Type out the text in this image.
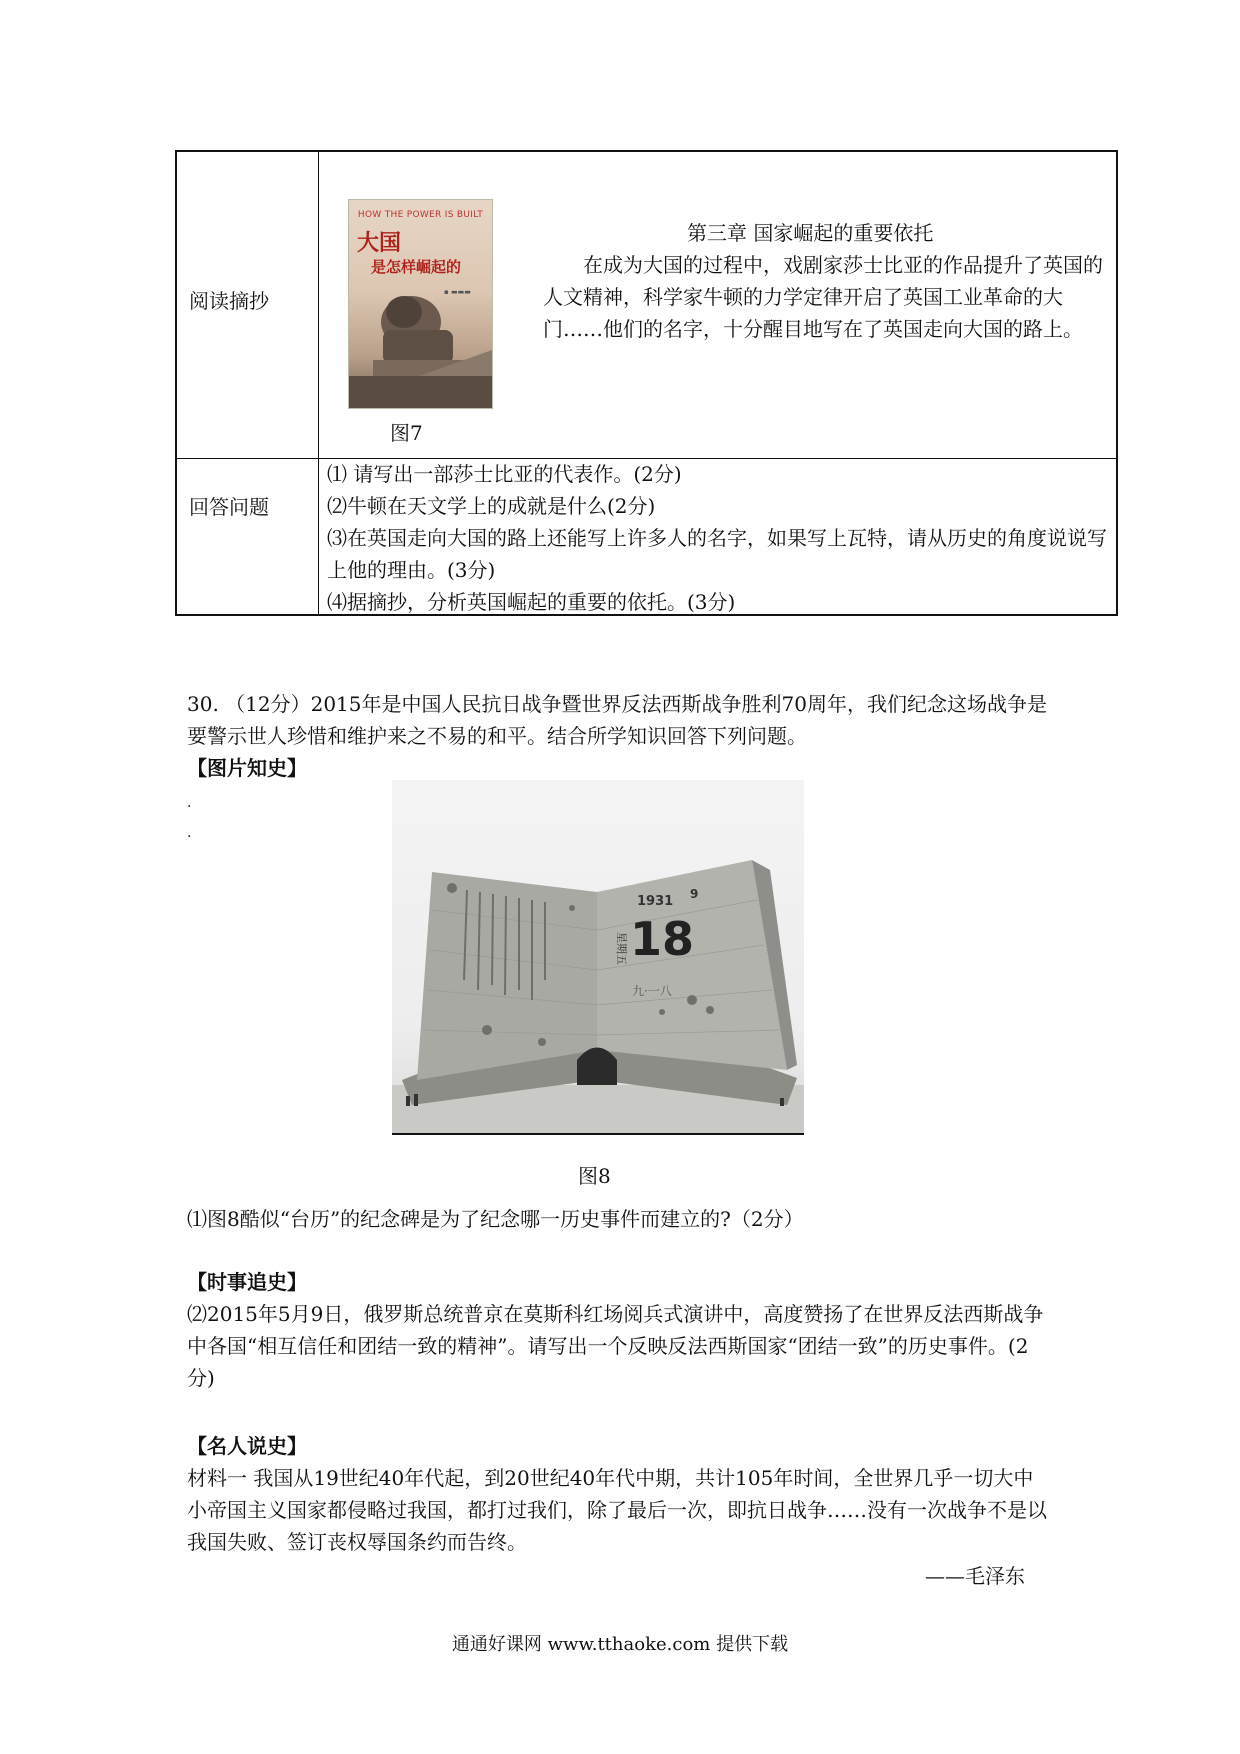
阅读摘抄
回答问题
HOW THE POWER IS BUILT
大国
是怎样崛起的
▪ ▬▬▬
图7
第三章 国家崛起的重要依托
在成为大国的过程中，戏剧家莎士比亚的作品提升了英国的人文精神，科学家牛顿的力学定律开启了英国工业革命的大门……他们的名字，十分醒目地写在了英国走向大国的路上。
⑴ 请写出一部莎士比亚的代表作。(2分)
⑵牛顿在天文学上的成就是什么(2分)
⑶在英国走向大国的路上还能写上许多人的名字，如果写上瓦特，请从历史的角度说说写上他的理由。(3分)
⑷据摘抄，分析英国崛起的重要的依托。(3分)
30. （12分）2015年是中国人民抗日战争暨世界反法西斯战争胜利70周年，我们纪念这场战争是要警示世人珍惜和维护来之不易的和平。结合所学知识回答下列问题。
【图片知史】
.
.
1931 9
18
星期五
九·一八
图8
⑴图8酷似“台历”的纪念碑是为了纪念哪一历史事件而建立的?（2分）
【时事追史】
⑵2015年5月9日，俄罗斯总统普京在莫斯科红场阅兵式演讲中，高度赞扬了在世界反法西斯战争中各国“相互信任和团结一致的精神”。请写出一个反映反法西斯国家“团结一致”的历史事件。(2分)
【名人说史】
材料一 我国从19世纪40年代起，到20世纪40年代中期，共计105年时间，全世界几乎一切大中小帝国主义国家都侵略过我国，都打过我们，除了最后一次，即抗日战争……没有一次战争不是以我国失败、签订丧权辱国条约而告终。
——毛泽东
通通好课网 www.tthaoke.com 提供下载
